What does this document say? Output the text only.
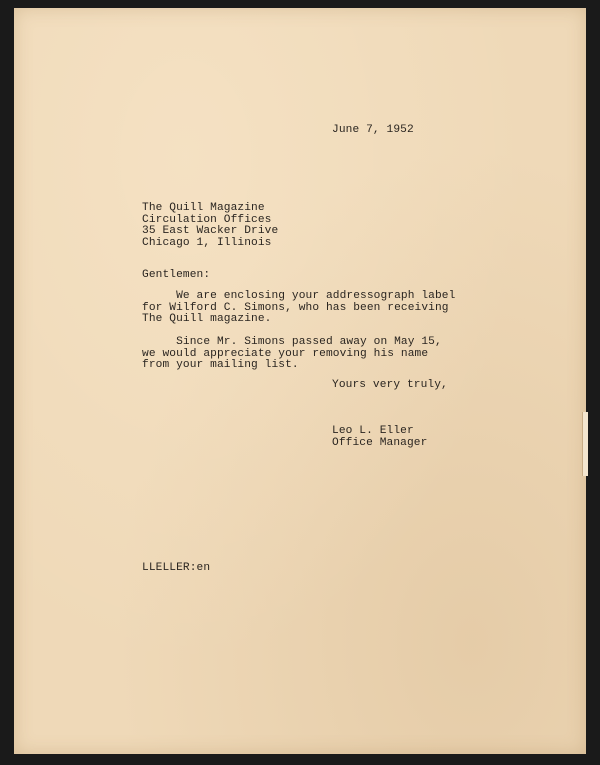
June 7, 1952
The Quill Magazine
Circulation Offices
35 East Wacker Drive
Chicago 1, Illinois
Gentlemen:
We are enclosing your addressograph label
for Wilford C. Simons, who has been receiving
The Quill magazine.
Since Mr. Simons passed away on May 15,
we would appreciate your removing his name
from your mailing list.
Yours very truly,
Leo L. Eller
Office Manager
LLELLER:en
